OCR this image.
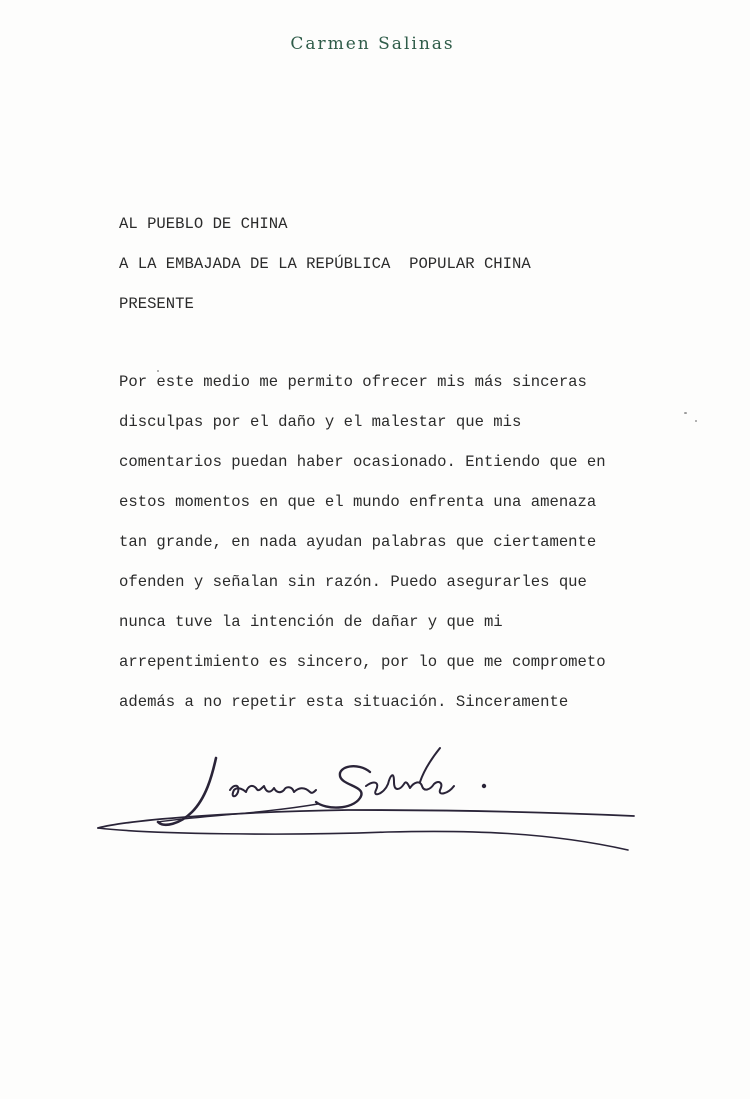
Carmen Salinas
AL PUEBLO DE CHINA
A LA EMBAJADA DE LA REPÚBLICA  POPULAR CHINA
PRESENTE
Por este medio me permito ofrecer mis más sinceras
disculpas por el daño y el malestar que mis
comentarios puedan haber ocasionado. Entiendo que en
estos momentos en que el mundo enfrenta una amenaza
tan grande, en nada ayudan palabras que ciertamente
ofenden y señalan sin razón. Puedo asegurarles que
nunca tuve la intención de dañar y que mi
arrepentimiento es sincero, por lo que me comprometo
además a no repetir esta situación. Sinceramente
